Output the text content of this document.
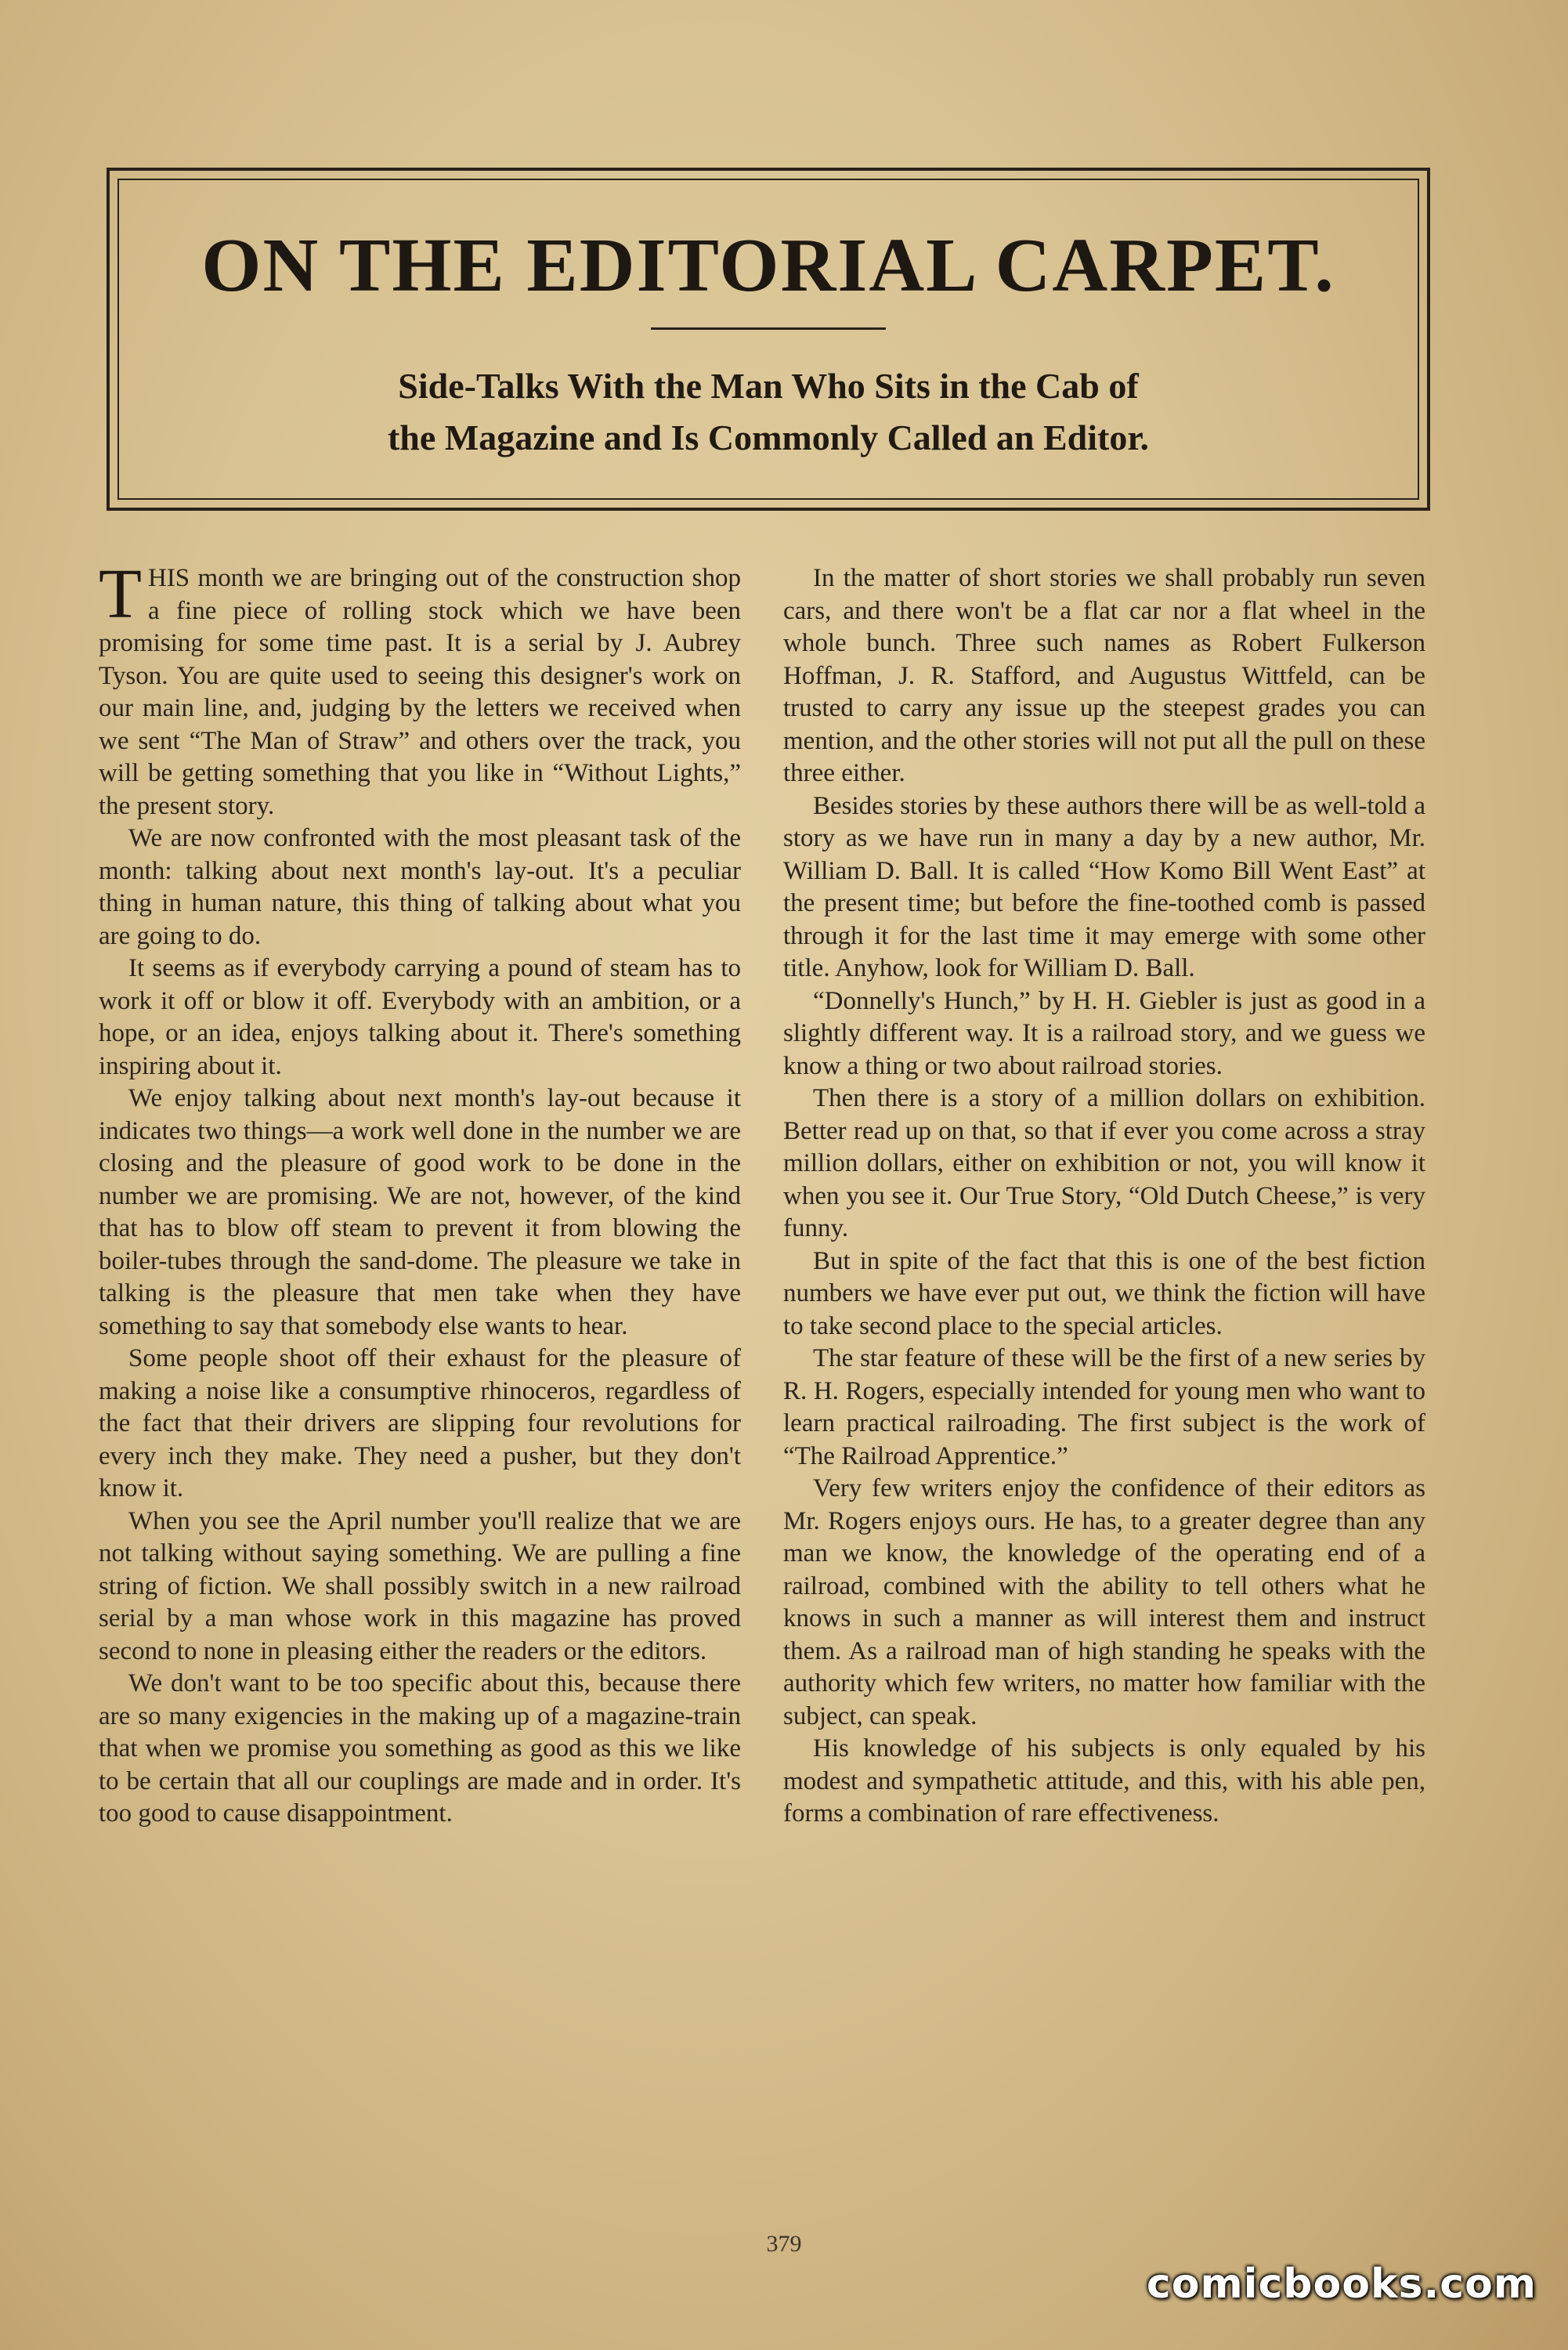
ON THE EDITORIAL CARPET.
Side-Talks With the Man Who Sits in the Cab of
the Magazine and Is Commonly Called an Editor.

THIS month we are bringing out of the construction shop a fine piece of rolling stock which we have been promising for some time past. It is a serial by J. Aubrey Tyson. You are quite used to seeing this designer's work on our main line, and, judging by the letters we received when we sent “The Man of Straw” and others over the track, you will be getting something that you like in “Without Lights,” the present story.

We are now confronted with the most pleasant task of the month: talking about next month's lay-out. It's a peculiar thing in human nature, this thing of talking about what you are going to do.

It seems as if everybody carrying a pound of steam has to work it off or blow it off. Everybody with an ambition, or a hope, or an idea, enjoys talking about it. There's something inspiring about it.

We enjoy talking about next month's lay-out because it indicates two things—a work well done in the number we are closing and the pleasure of good work to be done in the number we are promising. We are not, however, of the kind that has to blow off steam to prevent it from blowing the boiler-tubes through the sand-dome. The pleasure we take in talking is the pleasure that men take when they have something to say that somebody else wants to hear.

Some people shoot off their exhaust for the pleasure of making a noise like a consumptive rhinoceros, regardless of the fact that their drivers are slipping four revolutions for every inch they make. They need a pusher, but they don't know it.

When you see the April number you'll realize that we are not talking without saying something. We are pulling a fine string of fiction. We shall possibly switch in a new railroad serial by a man whose work in this magazine has proved second to none in pleasing either the readers or the editors.

We don't want to be too specific about this, because there are so many exigencies in the making up of a magazine-train that when we promise you something as good as this we like to be certain that all our couplings are made and in order. It's too good to cause disappointment.

In the matter of short stories we shall probably run seven cars, and there won't be a flat car nor a flat wheel in the whole bunch. Three such names as Robert Fulkerson Hoffman, J. R. Stafford, and Augustus Wittfeld, can be trusted to carry any issue up the steepest grades you can mention, and the other stories will not put all the pull on these three either.

Besides stories by these authors there will be as well-told a story as we have run in many a day by a new author, Mr. William D. Ball. It is called “How Komo Bill Went East” at the present time; but before the fine-toothed comb is passed through it for the last time it may emerge with some other title. Anyhow, look for William D. Ball.

“Donnelly's Hunch,” by H. H. Giebler is just as good in a slightly different way. It is a railroad story, and we guess we know a thing or two about railroad stories.

Then there is a story of a million dollars on exhibition. Better read up on that, so that if ever you come across a stray million dollars, either on exhibition or not, you will know it when you see it. Our True Story, “Old Dutch Cheese,” is very funny.

But in spite of the fact that this is one of the best fiction numbers we have ever put out, we think the fiction will have to take second place to the special articles.

The star feature of these will be the first of a new series by R. H. Rogers, especially intended for young men who want to learn practical railroading. The first subject is the work of “The Railroad Apprentice.”

Very few writers enjoy the confidence of their editors as Mr. Rogers enjoys ours. He has, to a greater degree than any man we know, the knowledge of the operating end of a railroad, combined with the ability to tell others what he knows in such a manner as will interest them and instruct them. As a railroad man of high standing he speaks with the authority which few writers, no matter how familiar with the subject, can speak.

His knowledge of his subjects is only equaled by his modest and sympathetic attitude, and this, with his able pen, forms a combination of rare effectiveness.

379
comicbooks.com
